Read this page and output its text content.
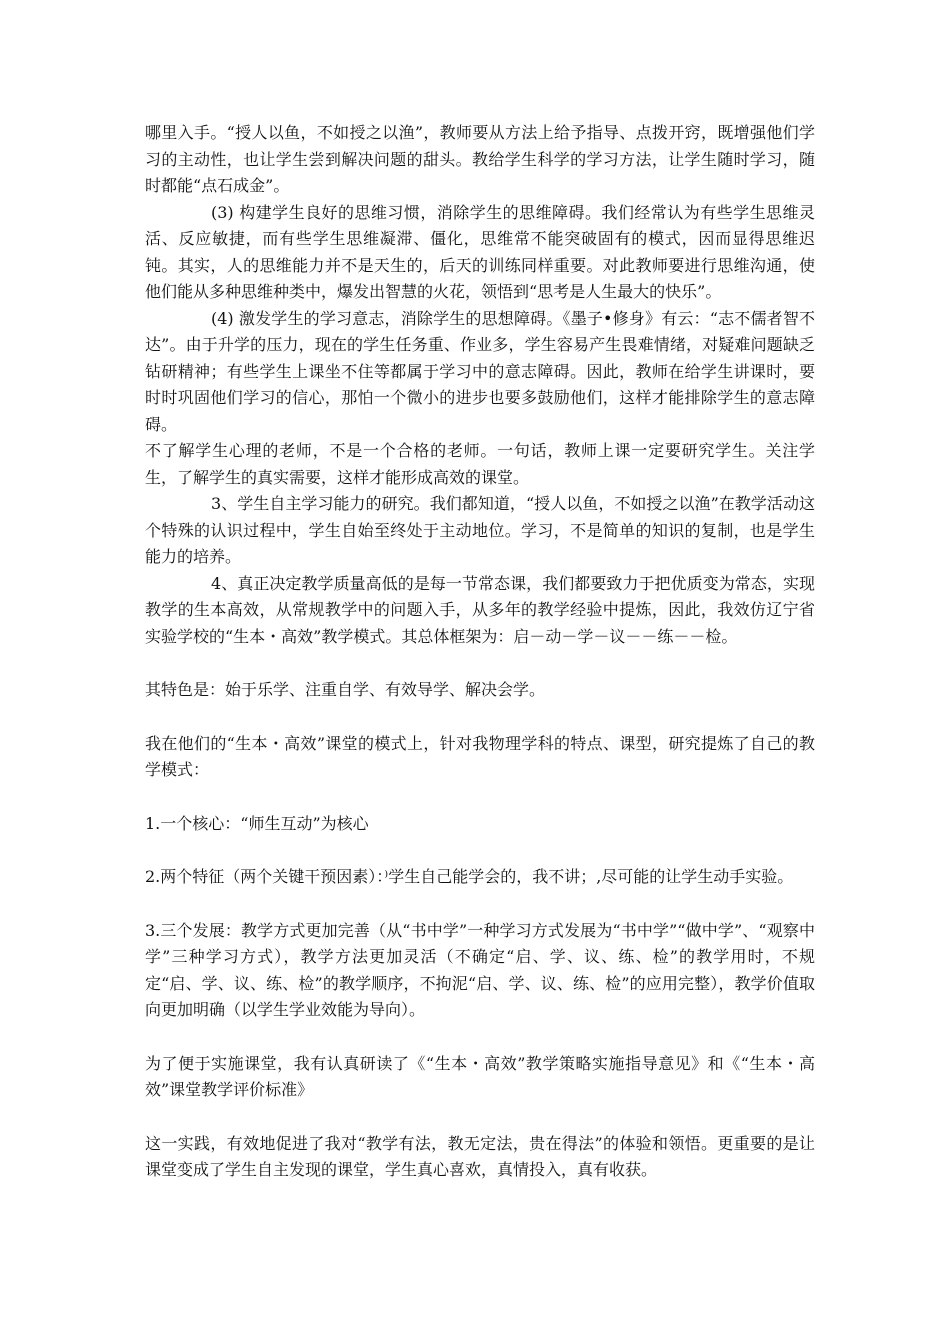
哪里入手。“授人以鱼，不如授之以渔”，教师要从方法上给予指导、点拨开窍，既增强他们学习的主动性，也让学生尝到解决问题的甜头。教给学生科学的学习方法，让学生随时学习，随时都能“点石成金”。

(3) 构建学生良好的思维习惯，消除学生的思维障碍。我们经常认为有些学生思维灵活、反应敏捷，而有些学生思维凝滞、僵化，思维常不能突破固有的模式，因而显得思维迟钝。其实，人的思维能力并不是天生的，后天的训练同样重要。对此教师要进行思维沟通，使他们能从多种思维种类中，爆发出智慧的火花，领悟到“思考是人生最大的快乐”。

(4) 激发学生的学习意志，消除学生的思想障碍。《墨子•修身》有云：“志不儒者智不达”。由于升学的压力，现在的学生任务重、作业多，学生容易产生畏难情绪，对疑难问题缺乏钻研精神；有些学生上课坐不住等都属于学习中的意志障碍。因此，教师在给学生讲课时，要时时巩固他们学习的信心，那怕一个微小的进步也要多鼓励他们，这样才能排除学生的意志障碍。

不了解学生心理的老师，不是一个合格的老师。一句话，教师上课一定要研究学生。关注学生，了解学生的真实需要，这样才能形成高效的课堂。

3、学生自主学习能力的研究。我们都知道，“授人以鱼，不如授之以渔”在教学活动这个特殊的认识过程中，学生自始至终处于主动地位。学习，不是简单的知识的复制，也是学生能力的培养。

4、真正决定教学质量高低的是每一节常态课，我们都要致力于把优质变为常态，实现教学的生本高效，从常规教学中的问题入手，从多年的教学经验中提炼，因此，我效仿辽宁省实验学校的“生本・高效”教学模式。其总体框架为：启－动－学－议－－练－－检。

其特色是：始于乐学、注重自学、有效导学、解决会学。

我在他们的“生本・高效”课堂的模式上，针对我物理学科的特点、课型，研究提炼了自己的教学模式：

1.一个核心：“师生互动”为核心

2.两个特征（两个关键干预因素）：⁾学生自己能学会的，我不讲；,尽可能的让学生动手实验。

3.三个发展：教学方式更加完善（从“书中学”一种学习方式发展为“书中学”“做中学”、“观察中学”三种学习方式），教学方法更加灵活（不确定“启、学、议、练、检”的教学用时，不规定“启、学、议、练、检”的教学顺序，不拘泥“启、学、议、练、检”的应用完整），教学价值取向更加明确（以学生学业效能为导向）。

为了便于实施课堂，我有认真研读了《“生本・高效”教学策略实施指导意见》和《“生本・高效”课堂教学评价标准》

这一实践，有效地促进了我对“教学有法，教无定法，贵在得法”的体验和领悟。更重要的是让课堂变成了学生自主发现的课堂，学生真心喜欢，真情投入，真有收获。
